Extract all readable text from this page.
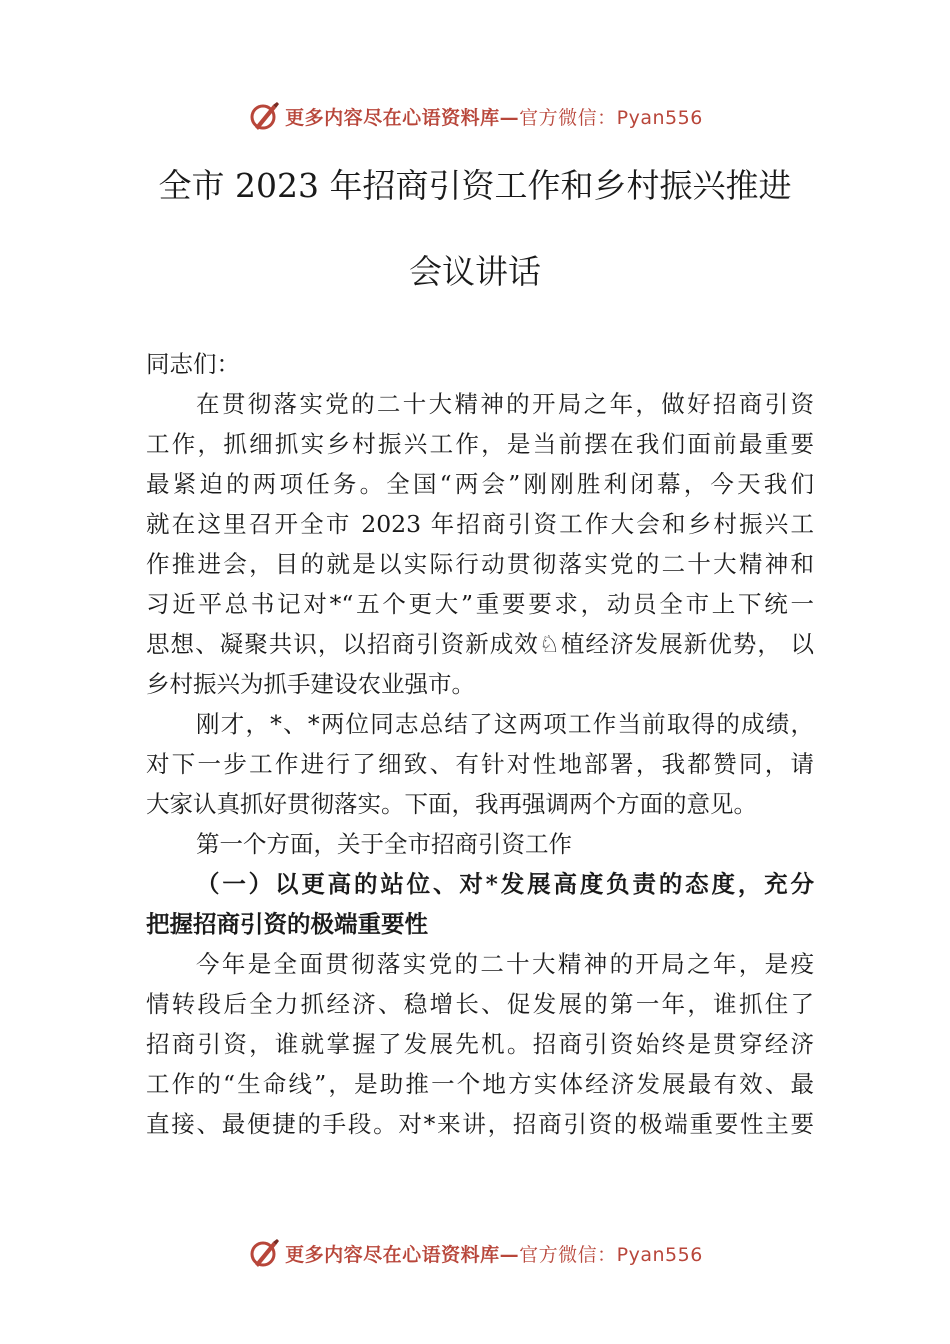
更多内容尽在心语资料库—官方微信：Pyan556
全市 2023 年招商引资工作和乡村振兴推进
会议讲话
同志们：
在贯彻落实党的二十大精神的开局之年，做好招商引资
工作，抓细抓实乡村振兴工作，是当前摆在我们面前最重要
最紧迫的两项任务。全国“两会”刚刚胜利闭幕，今天我们
就在这里召开全市 2023 年招商引资工作大会和乡村振兴工
作推进会，目的就是以实际行动贯彻落实党的二十大精神和
习近平总书记对*“五个更大”重要要求，动员全市上下统一
思想、凝聚共识，以招商引资新成效♘植经济发展新优势， 以
乡村振兴为抓手建设农业强市。
刚才，*、*两位同志总结了这两项工作当前取得的成绩，
对下一步工作进行了细致、有针对性地部署，我都赞同，请
大家认真抓好贯彻落实。下面，我再强调两个方面的意见。
第一个方面，关于全市招商引资工作
（一）以更高的站位、对*发展高度负责的态度，充分
把握招商引资的极端重要性
今年是全面贯彻落实党的二十大精神的开局之年，是疫
情转段后全力抓经济、稳增长、促发展的第一年，谁抓住了
招商引资，谁就掌握了发展先机。招商引资始终是贯穿经济
工作的“生命线”，是助推一个地方实体经济发展最有效、最
直接、最便捷的手段。对*来讲，招商引资的极端重要性主要
更多内容尽在心语资料库—官方微信：Pyan556
